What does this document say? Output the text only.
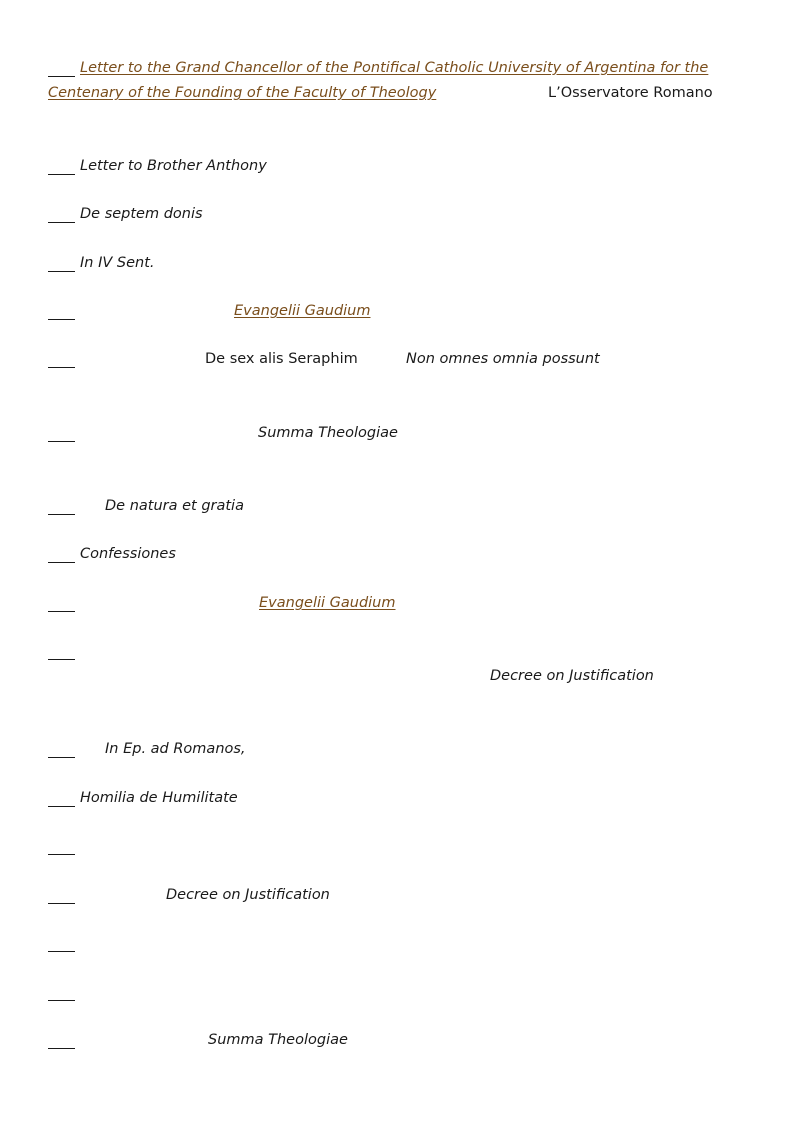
Letter to the Grand Chancellor of the Pontifical Catholic University of Argentina for the
Centenary of the Founding of the Faculty of Theology	L’Osservatore Romano
Letter to Brother Anthony
De septem donis
In IV Sent.
Evangelii Gaudium
De sex alis Seraphim	Non omnes omnia possunt
Summa Theologiae
De natura et gratia
Confessiones
Evangelii Gaudium
Decree on Justification
In Ep. ad Romanos,
Homilia de Humilitate
Decree on Justification
Summa Theologiae
